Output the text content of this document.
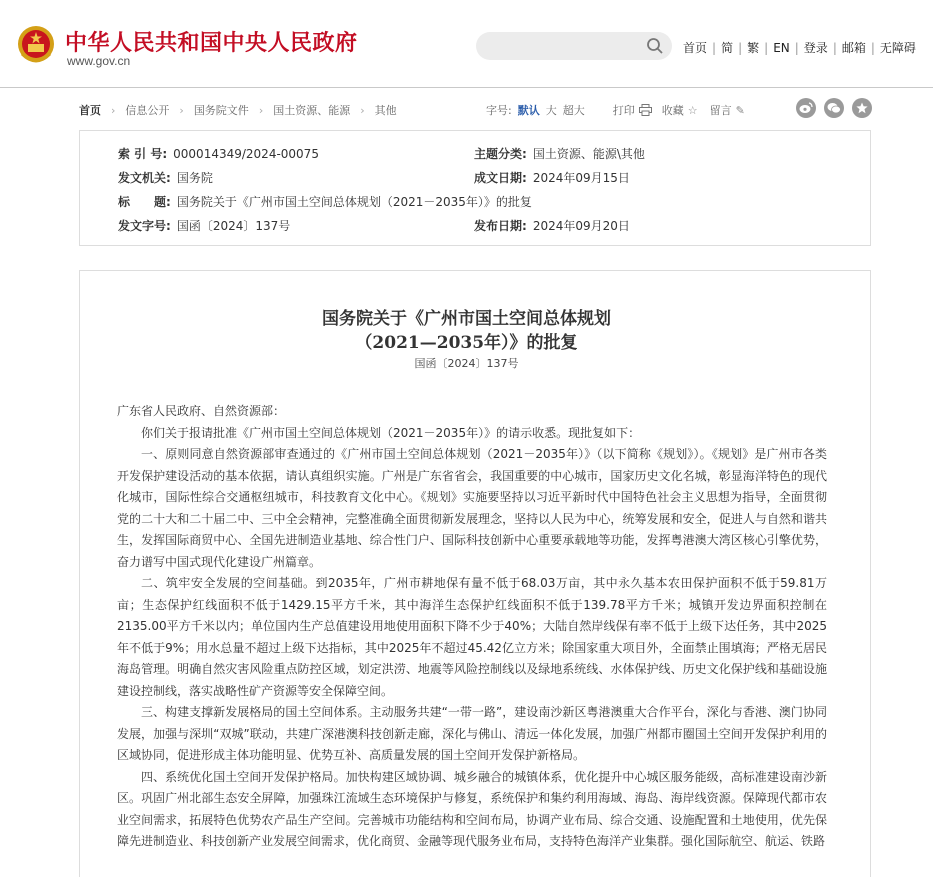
中华人民共和国中央人民政府
www.gov.cn
首页 | 简 | 繁 | EN | 登录 | 邮箱 | 无障碍
首页 › 信息公开 › 国务院文件 › 国土资源、能源 › 其他	字号: 默认 大 超大	打印 收藏 ☆ 留言 ✎
索 引 号: 000014349/2024-00075	主题分类: 国土资源、能源\其他
发文机关: 国务院	成文日期: 2024年09月15日
标　　题: 国务院关于《广州市国土空间总体规划（2021－2035年）》的批复
发文字号: 国函〔2024〕137号	发布日期: 2024年09月20日
国务院关于《广州市国土空间总体规划
（2021—2035年）》的批复
国函〔2024〕137号

广东省人民政府、自然资源部：

你们关于报请批准《广州市国土空间总体规划（2021－2035年）》的请示收悉。现批复如下：

一、原则同意自然资源部审查通过的《广州市国土空间总体规划（2021－2035年）》（以下简称《规划》）。《规划》是广州市各类开发保护建设活动的基本依据，请认真组织实施。广州是广东省省会，我国重要的中心城市，国家历史文化名城，彰显海洋特色的现代化城市，国际性综合交通枢纽城市，科技教育文化中心。《规划》实施要坚持以习近平新时代中国特色社会主义思想为指导，全面贯彻党的二十大和二十届二中、三中全会精神，完整准确全面贯彻新发展理念，坚持以人民为中心，统筹发展和安全，促进人与自然和谐共生，发挥国际商贸中心、全国先进制造业基地、综合性门户、国际科技创新中心重要承载地等功能，发挥粤港澳大湾区核心引擎优势，奋力谱写中国式现代化建设广州篇章。

二、筑牢安全发展的空间基础。到2035年，广州市耕地保有量不低于68.03万亩，其中永久基本农田保护面积不低于59.81万亩；生态保护红线面积不低于1429.15平方千米，其中海洋生态保护红线面积不低于139.78平方千米；城镇开发边界面积控制在2135.00平方千米以内；单位国内生产总值建设用地使用面积下降不少于40%；大陆自然岸线保有率不低于上级下达任务，其中2025年不低于9%；用水总量不超过上级下达指标，其中2025年不超过45.42亿立方米；除国家重大项目外，全面禁止围填海；严格无居民海岛管理。明确自然灾害风险重点防控区域，划定洪涝、地震等风险控制线以及绿地系统线、水体保护线、历史文化保护线和基础设施建设控制线，落实战略性矿产资源等安全保障空间。

三、构建支撑新发展格局的国土空间体系。主动服务共建“一带一路”，建设南沙新区粤港澳重大合作平台，深化与香港、澳门协同发展，加强与深圳“双城”联动，共建广深港澳科技创新走廊，深化与佛山、清远一体化发展，加强广州都市圈国土空间开发保护利用的区域协同，促进形成主体功能明显、优势互补、高质量发展的国土空间开发保护新格局。

四、系统优化国土空间开发保护格局。加快构建区域协调、城乡融合的城镇体系，优化提升中心城区服务能级，高标准建设南沙新区。巩固广州北部生态安全屏障，加强珠江流域生态环境保护与修复，系统保护和集约利用海域、海岛、海岸线资源。保障现代都市农业空间需求，拓展特色优势农产品生产空间。完善城市功能结构和空间布局，协调产业布局、综合交通、设施配置和土地使用，优先保障先进制造业、科技创新产业发展空间需求，优化商贸、金融等现代服务业布局，支持特色海洋产业集群。强化国际航空、航运、铁路
